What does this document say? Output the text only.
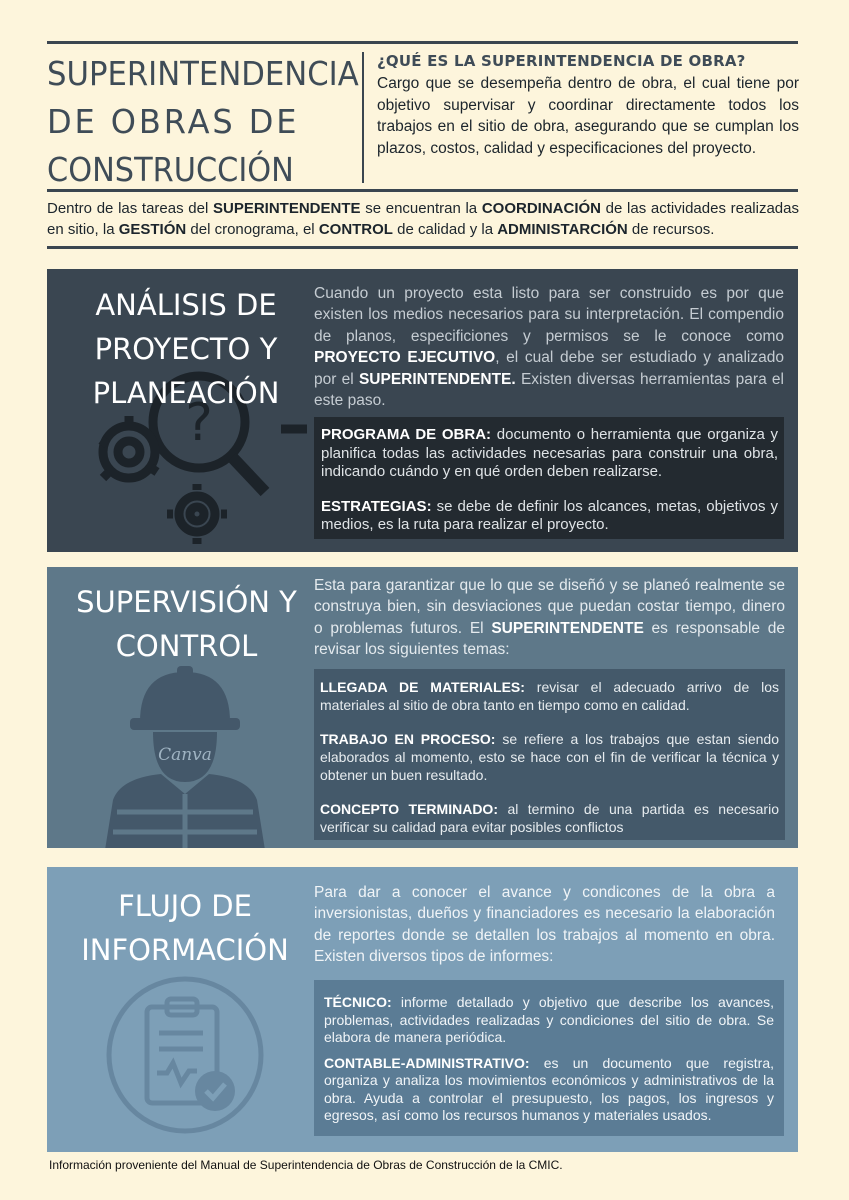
SUPERINTENDENCIA
DE OBRAS DE
CONSTRUCCIÓN
¿QUÉ ES LA SUPERINTENDENCIA DE OBRA?

Cargo que se desempeña dentro de obra, el cual tiene por objetivo supervisar y coordinar directamente todos los trabajos en el sitio de obra, asegurando que se cumplan los plazos, costos, calidad y especificaciones del proyecto.

Dentro de las tareas del SUPERINTENDENTE se encuentran la COORDINACIÓN de las actividades realizadas en sitio, la GESTIÓN del cronograma, el CONTROL de calidad y la ADMINISTARCIÓN de recursos.

?
ANÁLISIS DE
PROYECTO Y
PLANEACIÓN

Cuando un proyecto esta listo para ser construido es por que existen los medios necesarios para su interpretación. El compendio de planos, especificiones y permisos se le conoce como PROYECTO EJECUTIVO, el cual debe ser estudiado y analizado por el SUPERINTENDENTE. Existen diversas herramientas para el este paso.

PROGRAMA DE OBRA: documento o herramienta que organiza y planifica todas las actividades necesarias para construir una obra, indicando cuándo y en qué orden deben realizarse.

ESTRATEGIAS: se debe de definir los alcances, metas, objetivos y medios, es la ruta para realizar el proyecto.

Canva
SUPERVISIÓN Y
CONTROL

Esta para garantizar que lo que se diseñó y se planeó realmente se construya bien, sin desviaciones que puedan costar tiempo, dinero o problemas futuros. El SUPERINTENDENTE es responsable de revisar los siguientes temas:

LLEGADA DE MATERIALES: revisar el adecuado arrivo de los materiales al sitio de obra tanto en tiempo como en calidad.

TRABAJO EN PROCESO: se refiere a los trabajos que estan siendo elaborados al momento, esto se hace con el fin de verificar la técnica y obtener un buen resultado.

CONCEPTO TERMINADO: al termino de una partida es necesario verificar su calidad para evitar posibles conflictos

FLUJO DE
INFORMACIÓN

Para dar a conocer el avance y condicones de la obra a inversionistas, dueños y financiadores es necesario la elaboración de reportes donde se detallen los trabajos al momento en obra. Existen diversos tipos de informes:

TÉCNICO: informe detallado y objetivo que describe los avances, problemas, actividades realizadas y condiciones del sitio de obra. Se elabora de manera periódica.

CONTABLE-ADMINISTRATIVO: es un documento que registra, organiza y analiza los movimientos económicos y administrativos de la obra. Ayuda a controlar el presupuesto, los pagos, los ingresos y egresos, así como los recursos humanos y materiales usados.

Información proveniente del Manual de Superintendencia de Obras de Construcción de la CMIC.
